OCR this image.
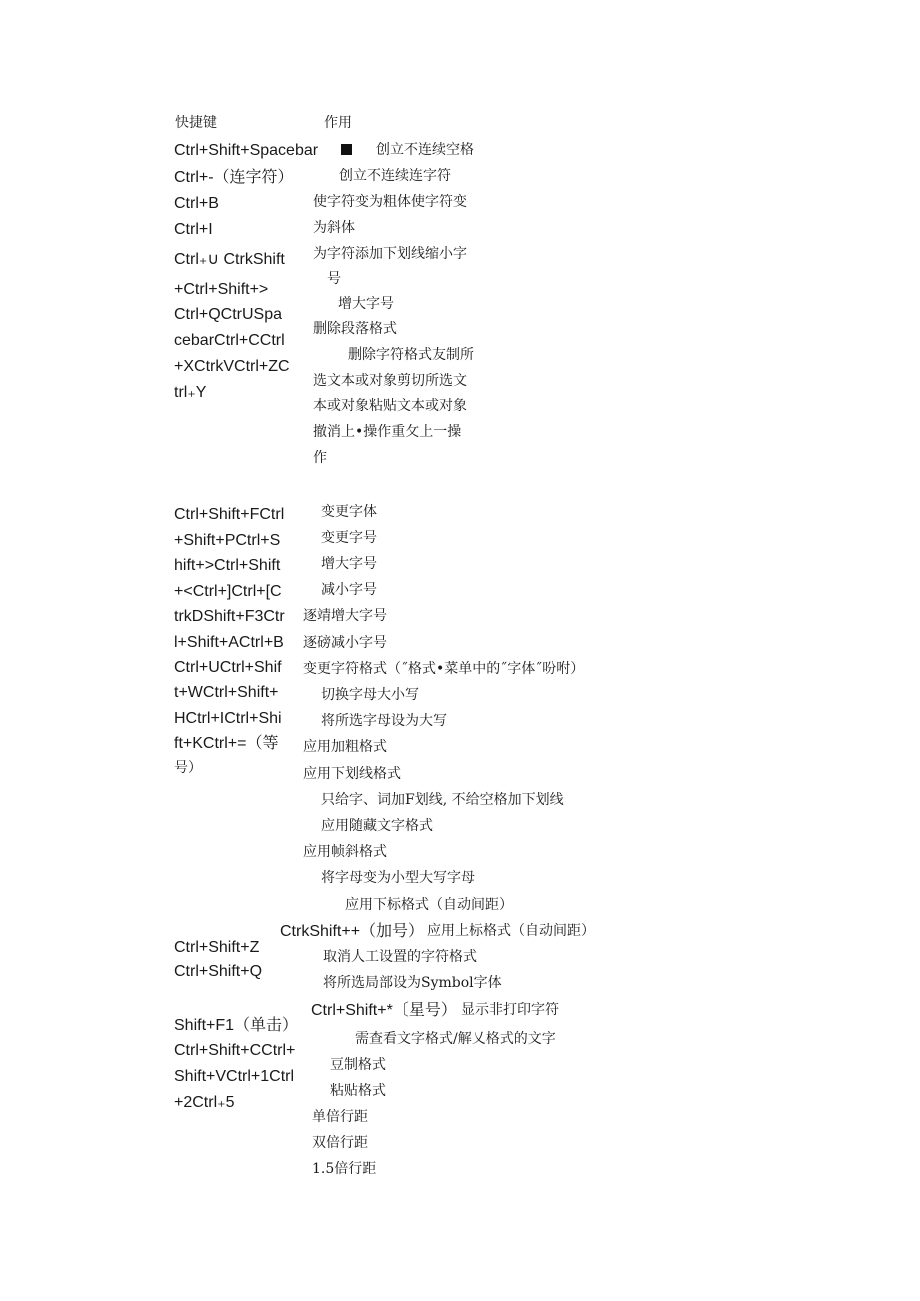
快捷键	作用
Ctrl+Shift+Spacebar
Ctrl+-（连字符）
Ctrl+B
Ctrl+I
Ctrl₊∪ CtrkShift
+Ctrl+Shift+>
Ctrl+QCtrUSpa
cebarCtrl+CCtrl
+XCtrkVCtrl+ZC
trl₊Y
创立不连续空格
创立不连续连字符
使字符变为粗体使字符变
为斜体
为字符添加下划线缩小字
号
增大字号
删除段落格式
删除字符格式友制所
选文本或对象剪切所选文
本或对象粘贴文本或对象
撤消上•操作重攵上一操
作
Ctrl+Shift+FCtrl
+Shift+PCtrl+S
hift+>Ctrl+Shift
+<Ctrl+]Ctrl+[C
trkDShift+F3Ctr
l+Shift+ACtrl+B
Ctrl+UCtrl+Shif
t+WCtrl+Shift+
HCtrl+ICtrl+Shi
ft+KCtrl+=（等
号）
变更字体
变更字号
增大字号
减小字号
逐靖增大字号
逐磅减小字号
变更字符格式（˝格式•菜单中的˝字体˝吩咐）
切换字母大小写
将所选字母设为大写
应用加粗格式
应用下划线格式
只给字、词加F划线, 不给空格加下划线
应用随藏文字格式
应用帧斜格式
将字母变为小型大写字母
应用下标格式（自动间距）
CtrkShift++（加号） 应用上标格式（自动间距）
Ctrl+Shift+Z
Ctrl+Shift+Q
取消人工设置的字符格式
将所选局部设为Symbol字体
Ctrl+Shift+*〔星号） 显示非打印字符
Shift+F1（单击）
Ctrl+Shift+CCtrl+
Shift+VCtrl+1Ctrl
+2Ctrl₊5
需查看文字格式/解乂格式的文字
豆制格式
粘贴格式
单倍行距
双倍行距
1.5倍行距
